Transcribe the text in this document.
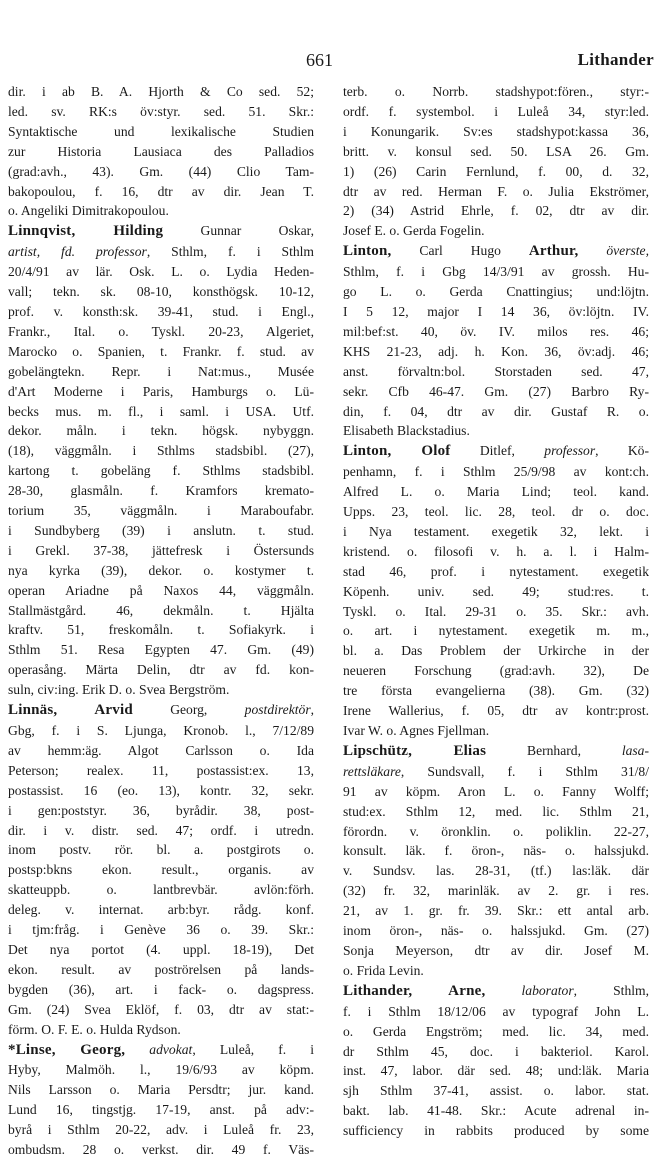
661	Lithander
dir. i ab B. A. Hjorth & Co sed. 52;
led. sv. RK:s öv:styr. sed. 51. Skr.:
Syntaktische und lexikalische Studien
zur Historia Lausiaca des Palladios
(grad:avh., 43). Gm. (44) Clio Tam-
bakopoulou, f. 16, dtr av dir. Jean T.
o. Angeliki Dimitrakopoulou.
Linnqvist, Hilding Gunnar Oskar,
artist, fd. professor, Sthlm, f. i Sthlm
20/4/91 av lär. Osk. L. o. Lydia Heden-
vall; tekn. sk. 08-10, konsthögsk. 10-12,
prof. v. konsth:sk. 39-41, stud. i Engl.,
Frankr., Ital. o. Tyskl. 20-23, Algeriet,
Marocko o. Spanien, t. Frankr. f. stud. av
gobelängtekn. Repr. i Nat:mus., Musée
d'Art Moderne i Paris, Hamburgs o. Lü-
becks mus. m. fl., i saml. i USA. Utf.
dekor. måln. i tekn. högsk. nybyggn.
(18), väggmåln. i Sthlms stadsbibl. (27),
kartong t. gobeläng f. Sthlms stadsbibl.
28-30, glasmåln. f. Kramfors kremato-
torium 35, väggmåln. i Maraboufabr.
i Sundbyberg (39) i anslutn. t. stud.
i Grekl. 37-38, jättefresk i Östersunds
nya kyrka (39), dekor. o. kostymer t.
operan Ariadne på Naxos 44, väggmåln.
Stallmästgård. 46, dekmåln. t. Hjälta
kraftv. 51, freskomåln. t. Sofiakyrk. i
Sthlm 51. Resa Egypten 47. Gm. (49)
operasång. Märta Delin, dtr av fd. kon-
suln, civ:ing. Erik D. o. Svea Bergström.
Linnäs, Arvid Georg, postdirektör,
Gbg, f. i S. Ljunga, Kronob. l., 7/12/89
av hemm:äg. Algot Carlsson o. Ida
Peterson; realex. 11, postassist:ex. 13,
postassist. 16 (eo. 13), kontr. 32, sekr.
i gen:poststyr. 36, byrådir. 38, post-
dir. i v. distr. sed. 47; ordf. i utredn.
inom postv. rör. bl. a. postgirots o.
postsp:bkns ekon. result., organis. av
skatteuppb. o. lantbrevbär. avlön:förh.
deleg. v. internat. arb:byr. rådg. konf.
i tjm:fråg. i Genève 36 o. 39. Skr.:
Det nya portot (4. uppl. 18-19), Det
ekon. result. av poströrelsen på lands-
bygden (36), art. i fack- o. dagspress.
Gm. (24) Svea Eklöf, f. 03, dtr av stat:-
förm. O. F. E. o. Hulda Rydson.
*Linse, Georg, advokat, Luleå, f. i
Hyby, Malmöh. l., 19/6/93 av köpm.
Nils Larsson o. Maria Persdtr; jur. kand.
Lund 16, tingstjg. 17-19, anst. på adv:-
byrå i Sthlm 20-22, adv. i Luleå fr. 23,
ombudsm. 28 o. verkst. dir. 49 f. Väs-
terb. o. Norrb. stadshypot:fören., styr:-
ordf. f. systembol. i Luleå 34, styr:led.
i Konungarik. Sv:es stadshypot:kassa 36,
britt. v. konsul sed. 50. LSA 26. Gm.
1) (26) Carin Fernlund, f. 00, d. 32,
dtr av red. Herman F. o. Julia Ekströmer,
2) (34) Astrid Ehrle, f. 02, dtr av dir.
Josef E. o. Gerda Fogelin.
Linton, Carl Hugo Arthur, överste,
Sthlm, f. i Gbg 14/3/91 av grossh. Hu-
go L. o. Gerda Cnattingius; und:löjtn.
I 5 12, major I 14 36, öv:löjtn. IV.
mil:bef:st. 40, öv. IV. milos res. 46;
KHS 21-23, adj. h. Kon. 36, öv:adj. 46;
anst. förvaltn:bol. Storstaden sed. 47,
sekr. Cfb 46-47. Gm. (27) Barbro Ry-
din, f. 04, dtr av dir. Gustaf R. o.
Elisabeth Blackstadius.
Linton, Olof Ditlef, professor, Kö-
penhamn, f. i Sthlm 25/9/98 av kont:ch.
Alfred L. o. Maria Lind; teol. kand.
Upps. 23, teol. lic. 28, teol. dr o. doc.
i Nya testament. exegetik 32, lekt. i
kristend. o. filosofi v. h. a. l. i Halm-
stad 46, prof. i nytestament. exegetik
Köpenh. univ. sed. 49; stud:res. t.
Tyskl. o. Ital. 29-31 o. 35. Skr.: avh.
o. art. i nytestament. exegetik m. m.,
bl. a. Das Problem der Urkirche in der
neueren Forschung (grad:avh. 32), De
tre första evangelierna (38). Gm. (32)
Irene Wallerius, f. 05, dtr av kontr:prost.
Ivar W. o. Agnes Fjellman.
Lipschütz, Elias Bernhard, lasa-
rettsläkare, Sundsvall, f. i Sthlm 31/8/
91 av köpm. Aron L. o. Fanny Wolff;
stud:ex. Sthlm 12, med. lic. Sthlm 21,
förordn. v. öronklin. o. poliklin. 22-27,
konsult. läk. f. öron-, näs- o. halssjukd.
v. Sundsv. las. 28-31, (tf.) las:läk. där
(32) fr. 32, marinläk. av 2. gr. i res.
21, av 1. gr. fr. 39. Skr.: ett antal arb.
inom öron-, näs- o. halssjukd. Gm. (27)
Sonja Meyerson, dtr av dir. Josef M.
o. Frida Levin.
Lithander, Arne,	laborator, Sthlm,
f. i Sthlm 18/12/06 av typograf John L.
o. Gerda Engström; med. lic. 34, med.
dr Sthlm 45, doc. i bakteriol. Karol.
inst. 47, labor. där sed. 48; und:läk. Maria
sjh Sthlm 37-41, assist. o. labor. stat.
bakt. lab. 41-48. Skr.: Acute adrenal in-
sufficiency in rabbits produced by some
